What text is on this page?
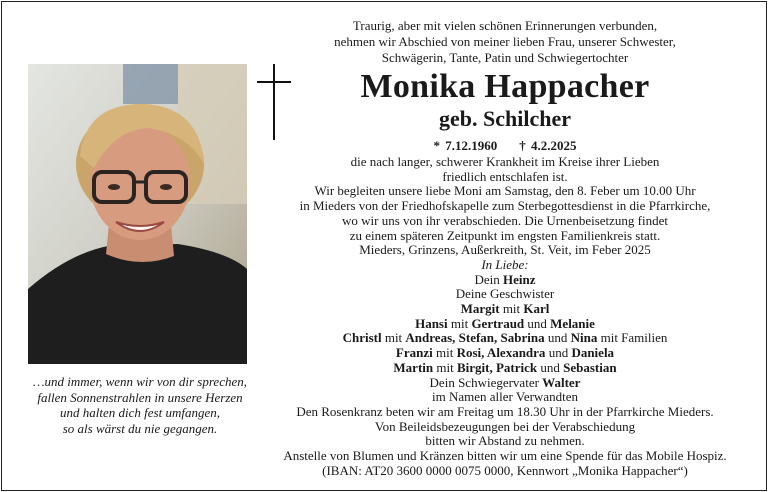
…und immer, wenn wir von dir sprechen,
fallen Sonnenstrahlen in unsere Herzen
und halten dich fest umfangen,
so als wärst du nie gegangen.
Traurig, aber mit vielen schönen Erinnerungen verbunden,
nehmen wir Abschied von meiner lieben Frau, unserer Schwester,
Schwägerin, Tante, Patin und Schwiegertochter
Monika Happacher
geb. Schilcher
* 7.12.1960 † 4.2.2025
die nach langer, schwerer Krankheit im Kreise ihrer Lieben
friedlich entschlafen ist.
Wir begleiten unsere liebe Moni am Samstag, den 8. Feber um 10.00 Uhr
in Mieders von der Friedhofskapelle zum Sterbegottesdienst in die Pfarrkirche,
wo wir uns von ihr verabschieden. Die Urnenbeisetzung findet
zu einem späteren Zeitpunkt im engsten Familienkreis statt.
Mieders, Grinzens, Außerkreith, St. Veit, im Feber 2025
In Liebe:
Dein Heinz
Deine Geschwister
Margit mit Karl
Hansi mit Gertraud und Melanie
Christl mit Andreas, Stefan, Sabrina und Nina mit Familien
Franzi mit Rosi, Alexandra und Daniela
Martin mit Birgit, Patrick und Sebastian
Dein Schwiegervater Walter
im Namen aller Verwandten
Den Rosenkranz beten wir am Freitag um 18.30 Uhr in der Pfarrkirche Mieders.
Von Beileidsbezeugungen bei der Verabschiedung
bitten wir Abstand zu nehmen.
Anstelle von Blumen und Kränzen bitten wir um eine Spende für das Mobile Hospiz.
(IBAN: AT20 3600 0000 0075 0000, Kennwort „Monika Happacher“)
